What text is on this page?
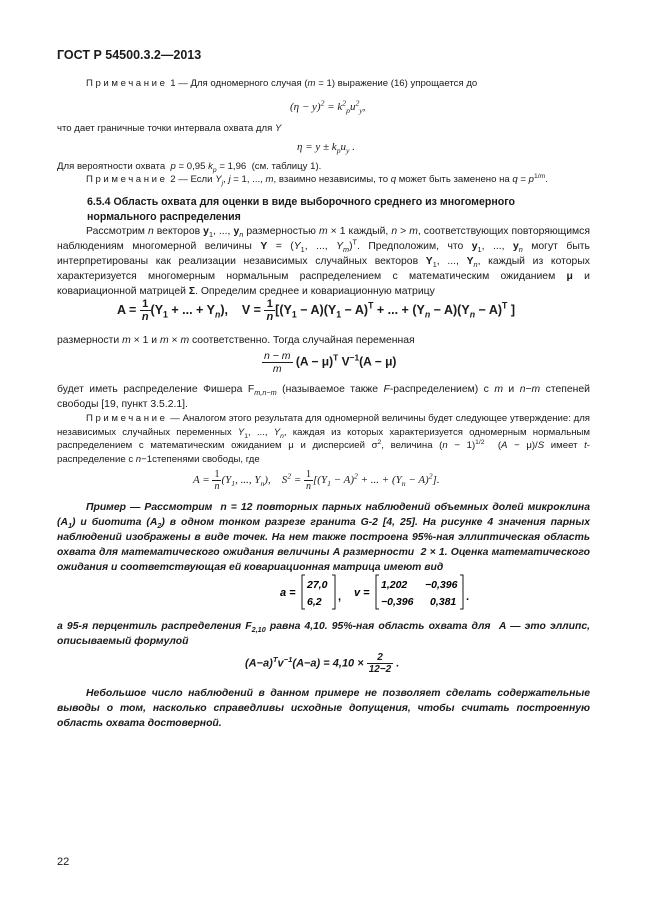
ГОСТ Р 54500.3.2—2013
Примечание 1 — Для одномерного случая (m = 1) выражение (16) упрощается до
$(\eta - y)^2 = k^2_pu^2_y$,
что дает граничные точки интервала охвата для Y
$\eta = y \pm k_pu_y$ .
Для вероятности охвата  p = 0,95 $k_p = 1,96$  (см. таблицу 1).
Примечание 2 — Если $Y_j$, j = 1, ..., m, взаимно независимы, то q может быть заменено на $q = p^{1/m}$.
6.5.4 Область охвата для оценки в виде выборочного среднего из многомерного
нормального распределения
Рассмотрим n векторов $y_1$, ..., $y_n$ размерностью m × 1 каждый, n > m, соответствующих повторяющимся наблюдениям многомерной величины $Y = (Y_1$, ..., $Y_m)^T$. Предположим, что $y_1$, ..., $y_n$ могут быть интерпретированы как реализации независимых случайных векторов $Y_1$, ..., $Y_n$, каждый из которых характеризуется многомерным нормальным распределением с математическим ожиданием μ и ковариационной матрицей Σ. Определим среднее и ковариационную матрицу
$A = \frac{1}{n} (Y_1$ + ... + $Y_n$),    $V = \frac{1}{n} [(Y_1 - A)(Y_1 - A)^T$ + ... + $(Y_n - A)(Y_n - A)^T$ ]
размерности m × 1 и m × m соответственно. Тогда случайная переменная
$\frac{n - m}{m} (A - \mu)^T$ $V^{-1}(A - \mu)$
будет иметь распределение Фишера $F_{m,n-m}$ (называемое также F-распределением) с m и n−m степеней свободы [19, пункт 3.5.2.1].
Примечание — Аналогом этого результата для одномерной величины будет следующее утверждение: для независимых случайных переменных $Y_1$, ..., $Y_n$, каждая из которых характеризуется одномерным нормальным распределением с математическим ожиданием μ и дисперсией $\sigma^2$, величина $(n - 1)^{1/2}$  (A − μ)/S имеет t-распределение с n−1степенями свободы, где
$A = \frac{1}{n} (Y_1$, ..., $Y_n$),    $S^2 = \frac{1}{n} [(Y_1 - A)^2$ + ... + $(Y_n - A)^2$].
Пример — Рассмотрим  n = 12 повторных парных наблюдений объемных долей микроклина $(A_1)$ и биотита $(A_2)$ в одном тонком разрезе гранита G-2 [4, 25]. На рисунке 4 значения парных наблюдений изображены в виде точек. На нем также построена 95%-ная эллиптическая область охвата для математического ожидания величины A размерности  2 × 1. Оценка математического ожидания и соответствующая ей ковариационная матрица имеют вид
a =
27,0
6,2 , v =
1,202 −0,396
−0,396 0,381 .
а 95-я перцентиль распределения $F_{2,10}$ равна 4,10. 95%-ная область охвата для  A — это эллипс, описываемый формулой
$(A-a)^Tv^{-1}(A-a) = 4,10 \times \frac{2}{12-2}$ .
Небольшое число наблюдений в данном примере не позволяет сделать содержательные выводы о том, насколько справедливы исходные допущения, чтобы считать построенную область охвата достоверной.
22
